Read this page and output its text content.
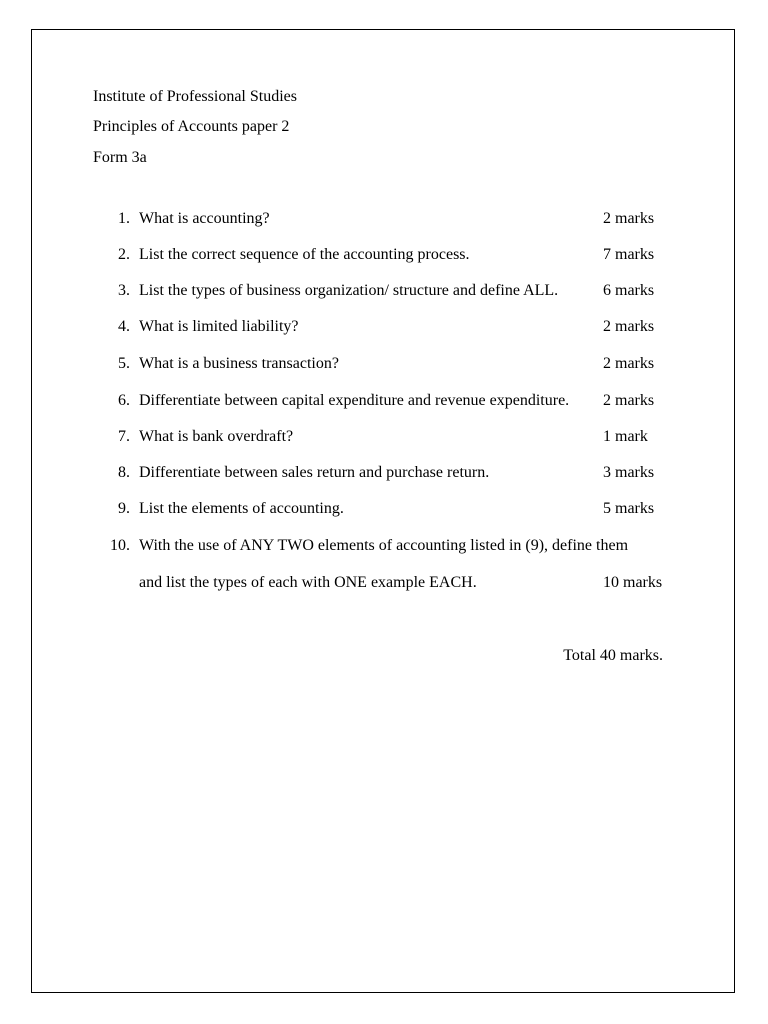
Institute of Professional Studies
Principles of Accounts paper 2
Form 3a
1. What is accounting?	2 marks
2. List the correct sequence of the accounting process.	7 marks
3. List the types of business organization/ structure and define ALL.	6 marks
4. What is limited liability?	2 marks
5. What is a business transaction?	2 marks
6. Differentiate between capital expenditure and revenue expenditure. 2 marks
7. What is bank overdraft?	1 mark
8. Differentiate between sales return and purchase return.	3 marks
9. List the elements of accounting.	5 marks
10. With the use of ANY TWO elements of accounting listed in (9), define them
and list the types of each with ONE example EACH.	10 marks
Total 40 marks.
